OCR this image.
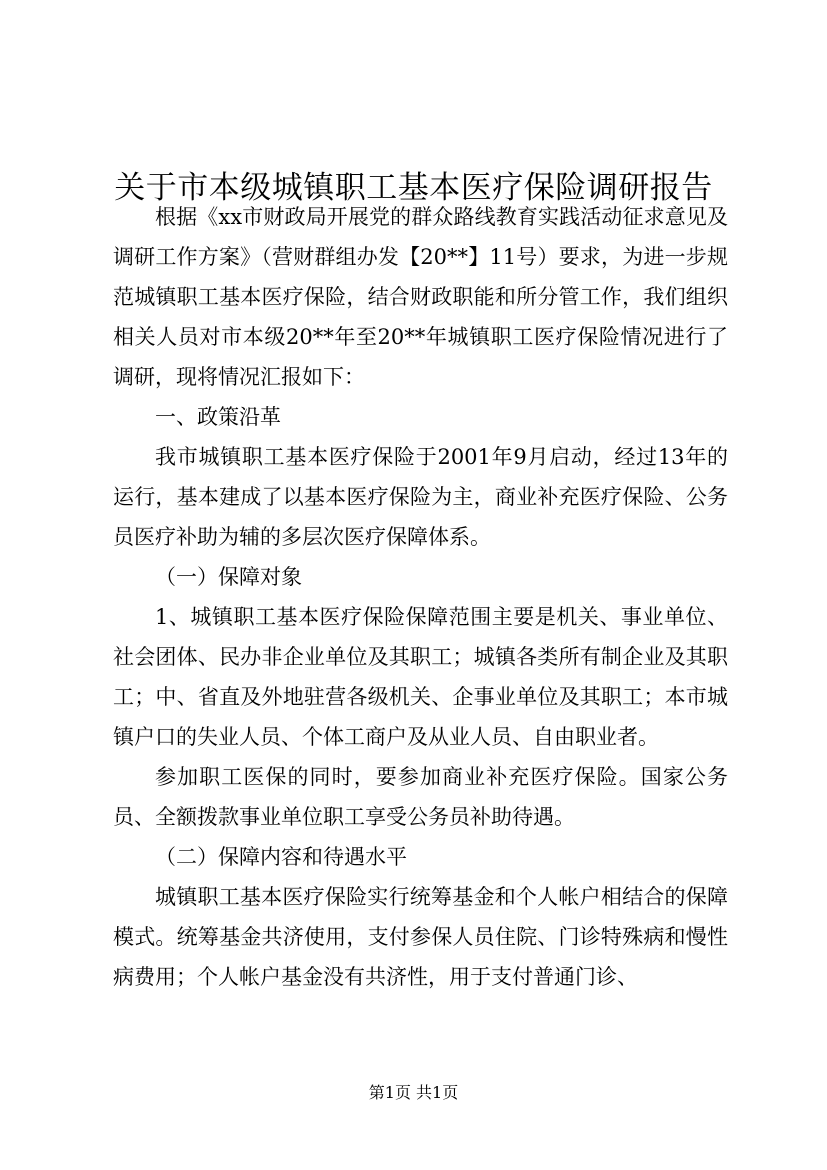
关于市本级城镇职工基本医疗保险调研报告

根据《xx市财政局开展党的群众路线教育实践活动征求意见及调研工作方案》（营财群组办发【20**】11号）要求，为进一步规范城镇职工基本医疗保险，结合财政职能和所分管工作，我们组织相关人员对市本级20**年至20**年城镇职工医疗保险情况进行了调研，现将情况汇报如下：

一、政策沿革

我市城镇职工基本医疗保险于2001年9月启动，经过13年的运行，基本建成了以基本医疗保险为主，商业补充医疗保险、公务员医疗补助为辅的多层次医疗保障体系。

（一）保障对象

1、城镇职工基本医疗保险保障范围主要是机关、事业单位、社会团体、民办非企业单位及其职工；城镇各类所有制企业及其职工；中、省直及外地驻营各级机关、企事业单位及其职工；本市城镇户口的失业人员、个体工商户及从业人员、自由职业者。

参加职工医保的同时，要参加商业补充医疗保险。国家公务员、全额拨款事业单位职工享受公务员补助待遇。

（二）保障内容和待遇水平

城镇职工基本医疗保险实行统筹基金和个人帐户相结合的保障模式。统筹基金共济使用，支付参保人员住院、门诊特殊病和慢性病费用；个人帐户基金没有共济性，用于支付普通门诊、

第1页 共1页
